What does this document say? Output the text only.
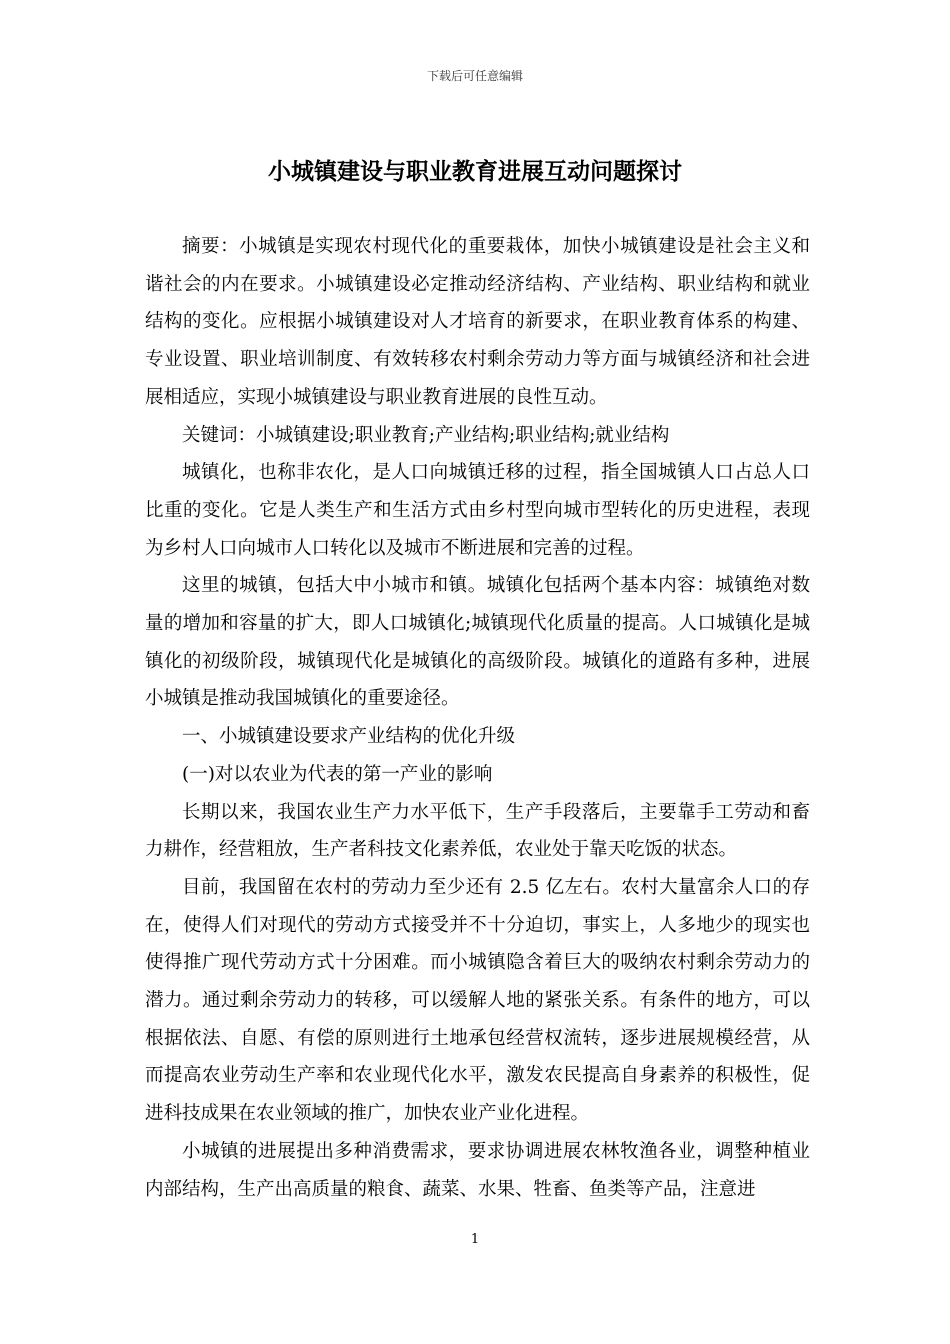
下载后可任意编辑
小城镇建设与职业教育进展互动问题探讨

摘要：小城镇是实现农村现代化的重要栽体，加快小城镇建设是社会主义和谐社会的内在要求。小城镇建设必定推动经济结构、产业结构、职业结构和就业结构的变化。应根据小城镇建设对人才培育的新要求，在职业教育体系的构建、专业设置、职业培训制度、有效转移农村剩余劳动力等方面与城镇经济和社会进展相适应，实现小城镇建设与职业教育进展的良性互动。

关键词：小城镇建设;职业教育;产业结构;职业结构;就业结构

城镇化，也称非农化，是人口向城镇迁移的过程，指全国城镇人口占总人口比重的变化。它是人类生产和生活方式由乡村型向城市型转化的历史进程，表现为乡村人口向城市人口转化以及城市不断进展和完善的过程。

这里的城镇，包括大中小城市和镇。城镇化包括两个基本内容：城镇绝对数量的增加和容量的扩大，即人口城镇化;城镇现代化质量的提高。人口城镇化是城镇化的初级阶段，城镇现代化是城镇化的高级阶段。城镇化的道路有多种，进展小城镇是推动我国城镇化的重要途径。

一、小城镇建设要求产业结构的优化升级

(一)对以农业为代表的第一产业的影响

长期以来，我国农业生产力水平低下，生产手段落后，主要靠手工劳动和畜力耕作，经营粗放，生产者科技文化素养低，农业处于靠天吃饭的状态。

目前，我国留在农村的劳动力至少还有 2.5 亿左右。农村大量富余人口的存在，使得人们对现代的劳动方式接受并不十分迫切，事实上，人多地少的现实也使得推广现代劳动方式十分困难。而小城镇隐含着巨大的吸纳农村剩余劳动力的潜力。通过剩余劳动力的转移，可以缓解人地的紧张关系。有条件的地方，可以根据依法、自愿、有偿的原则进行土地承包经营权流转，逐步进展规模经营，从而提高农业劳动生产率和农业现代化水平，激发农民提高自身素养的积极性，促进科技成果在农业领域的推广，加快农业产业化进程。

小城镇的进展提出多种消费需求，要求协调进展农林牧渔各业，调整种植业内部结构，生产出高质量的粮食、蔬菜、水果、牲畜、鱼类等产品，注意进

1
